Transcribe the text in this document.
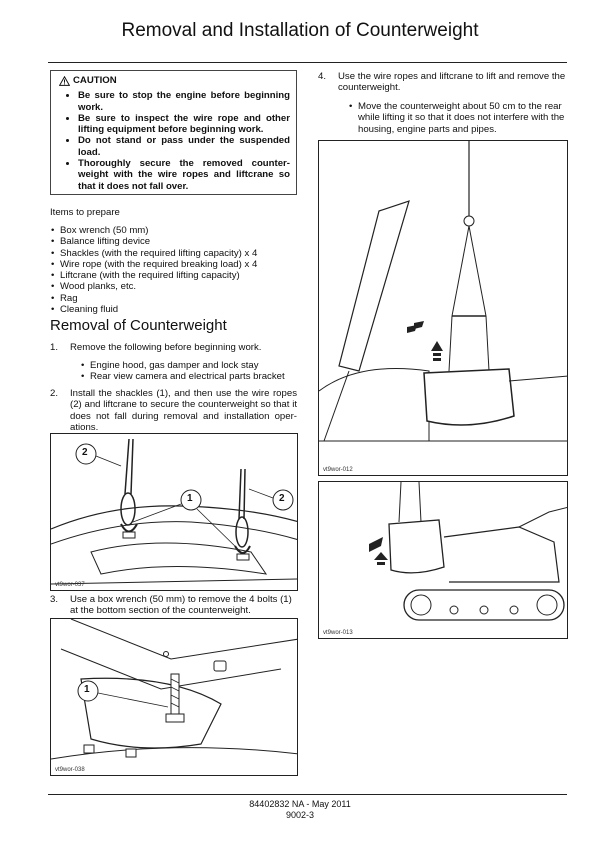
Removal and Installation of Counterweight
CAUTION
• Be sure to stop the engine before beginning work.
• Be sure to inspect the wire rope and other lifting equipment before beginning work.
• Do not stand or pass under the suspended load.
• Thoroughly secure the removed counter-weight with the wire ropes and liftcrane so that it does not fall over.
Items to prepare
• Box wrench (50 mm)
• Balance lifting device
• Shackles (with the required lifting capacity) x 4
• Wire rope (with the required breaking load) x 4
• Liftcrane (with the required lifting capacity)
• Wood planks, etc.
• Rag
• Cleaning fluid
Removal of Counterweight
1.	Remove the following before beginning work.
• Engine hood, gas damper and lock stay
• Rear view camera and electrical parts bracket
2.	Install the shackles (1), and then use the wire ropes (2) and liftcrane to secure the counterweight so that it does not fall during removal and installation oper-ations.
2
1	2
vt9wor-037
3.	Use a box wrench (50 mm) to remove the 4 bolts (1) at the bottom section of the counterweight.
1
vt9wor-038
4.	Use the wire ropes and liftcrane to lift and remove the counterweight.
• Move the counterweight about 50 cm to the rear while lifting it so that it does not interfere with the housing, engine parts and pipes.
vt9wor-012
vt9wor-013
84402832 NA - May 2011
9002-3
